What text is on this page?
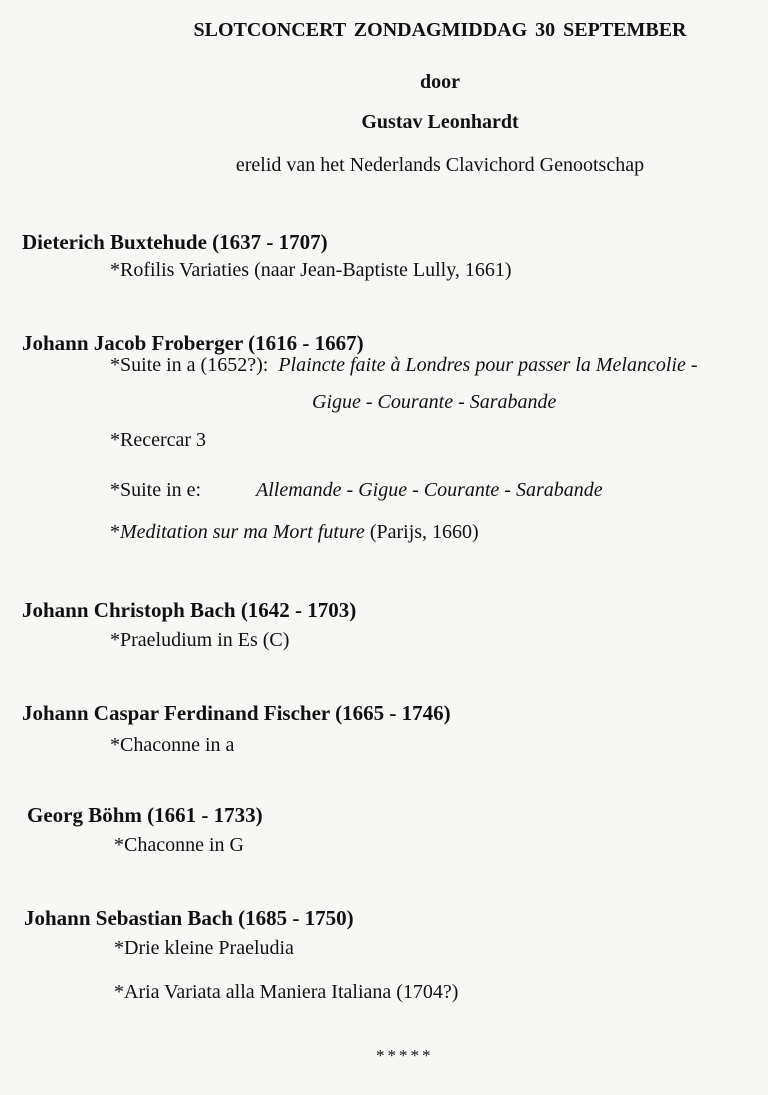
SLOTCONCERT ZONDAGMIDDAG 30 SEPTEMBER
door
Gustav Leonhardt
erelid van het Nederlands Clavichord Genootschap
Dieterich Buxtehude (1637 - 1707)
*Rofilis Variaties (naar Jean-Baptiste Lully, 1661)
Johann Jacob Froberger (1616 - 1667)
*Suite in a (1652?): Plaincte faite à Londres pour passer la Melancolie -
Gigue - Courante - Sarabande
*Recercar 3
*Suite in e:	Allemande - Gigue - Courante - Sarabande
*Meditation sur ma Mort future (Parijs, 1660)
Johann Christoph Bach (1642 - 1703)
*Praeludium in Es (C)
Johann Caspar Ferdinand Fischer (1665 - 1746)
*Chaconne in a
Georg Böhm (1661 - 1733)
*Chaconne in G
Johann Sebastian Bach (1685 - 1750)
*Drie kleine Praeludia
*Aria Variata alla Maniera Italiana (1704?)
*****
